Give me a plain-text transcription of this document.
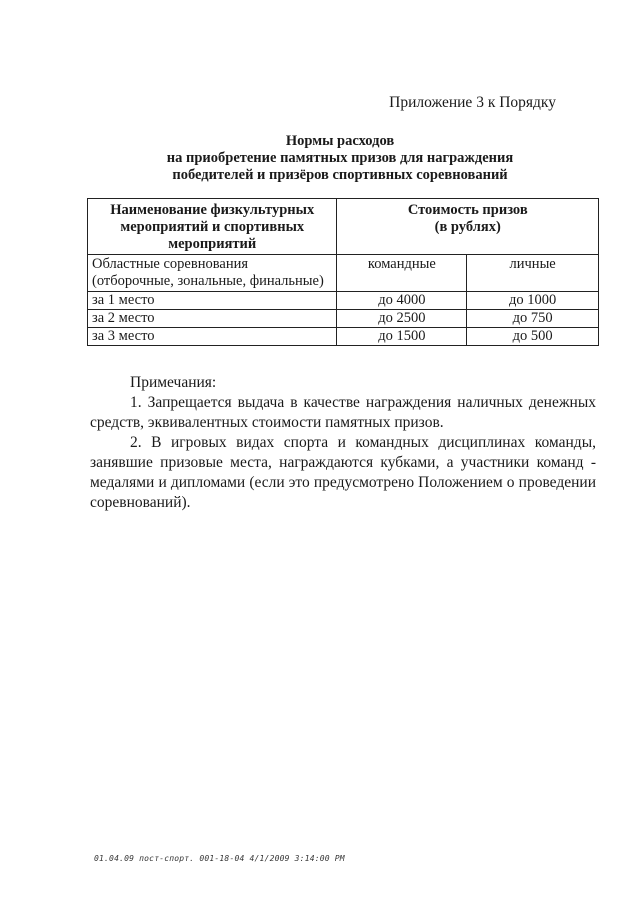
Приложение 3 к Порядку
Нормы расходов
на приобретение памятных призов для награждения
победителей и призёров спортивных соревнований
Наименование физкультурных мероприятий и спортивных мероприятий	Стоимость призов (в рублях)	
Областные соревнования (отборочные, зональные, финальные)	командные	личные
за 1 место	до 4000	до 1000
за 2 место	до 2500	до 750
за 3 место	до 1500	до 500

Примечания:

1. Запрещается выдача в качестве награждения наличных денежных средств, эквивалентных стоимости памятных призов.

2. В игровых видах спорта и командных дисциплинах команды, занявшие призовые места, награждаются кубками, а участники команд - медалями и дипломами (если это предусмотрено Положением о проведении соревнований).

01.04.09 пост-спорт. 001-18-04 4/1/2009 3:14:00 PM
